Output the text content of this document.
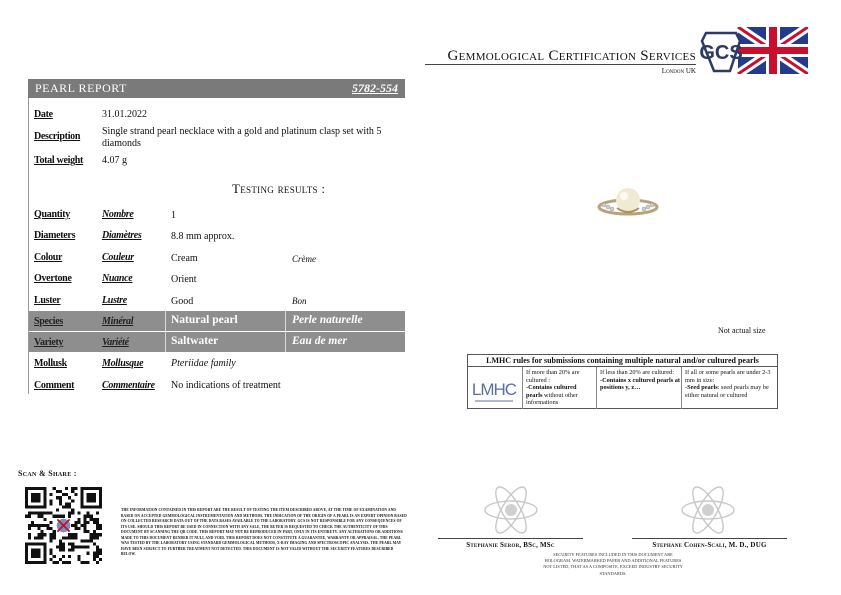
Gemmological Certification Services
London UK
GCS
PEARL REPORT	5782-554
Date	31.01.2022
Description Single strand pearl necklace with a gold and platinum clasp set with 5 diamonds
Total weight 4.07 g
Testing results :
Quantity	Nombre	1
Diameters	Diamètres	8.8 mm approx.
Colour	Couleur	Cream	Crème
Overtone	Nuance	Orient
Luster	Lustre	Good	Bon
Species	Minéral	Natural pearl	Perle naturelle
Variety	Variété	Saltwater	Eau de mer
Mollusk	Mollusque	Pteriidae family
Comment	Commentaire No indications of treatment
Not actual size
LMHC rules for submissions containing multiple natural and/or cultured pearls
LMHC
If more than 20% are cultured :
-Contains cultured pearls without other informations
If less than 20% are cultured:
-Contains x cultured pearls at positions y, z…
If all or some pearls are under 2-3 mm in size:
-Seed pearls: seed pearls may be either natural or cultured
Scan & Share :
THE INFORMATION CONTAINED IN THIS REPORT ARE THE RESULT OF TESTING THE ITEM DESCRIBED ABOVE, AT THE TIME OF EXAMINATION AND BASED ON ACCEPTED GEMMOLOGICAL INSTRUMENTATION AND METHODS. THE INDICATION OF THE ORIGIN OF A PEARL IS AN EXPERT OPINION BASED ON COLLECTED RESEARCH DATA OUT OF THE DATA BASES AVAILABLE TO THE LABORATORY. GCS IS NOT RESPONSIBLE FOR ANY CONSEQUENCES OF ITS USE. SHOULD THIS REPORT BE USED IN CONNECTION WITH ANY SALE, THE BUYER IS REQUESTED TO CHECK THE AUTHENTICITY OF THIS DOCUMENT BY SCANNING THE QR CODE. THIS REPORT MAY NOT BE REPRODUCED IN PART, ONLY IN ITS ENTIRETY. ANY ALTERATIONS OR ADDITIONS MADE TO THIS DOCUMENT RENDER IT NULL AND VOID. THIS REPORT DOES NOT CONSTITUTE A GUARANTEE, WARRANTY OR APPRAISAL. THE PEARL WAS TESTED BY THE LABORATORY USING STANDARD GEMMOLOGICAL METHODS, X-RAY IMAGING AND SPECTROSCOPIC ANALYSIS. THE PEARL MAY HAVE BEEN SUBJECT TO FURTHER TREATMENT NOT DETECTED. THIS DOCUMENT IS NOT VALID WITHOUT THE SECURITY FEATURES DESCRIBED BELOW.
Stephanie Seror, BSc, MSc	Stephane Cohen-Scali, M. D., DUG
SECURITY FEATURES INCLUDED IN THIS DOCUMENT ARE HOLOGRAM, WATERMARKED PAPER AND ADDITIONAL FEATURES NOT LISTED, THAT AS A COMPOSITE, EXCEED INDUSTRY SECURITY STANDARDS.
